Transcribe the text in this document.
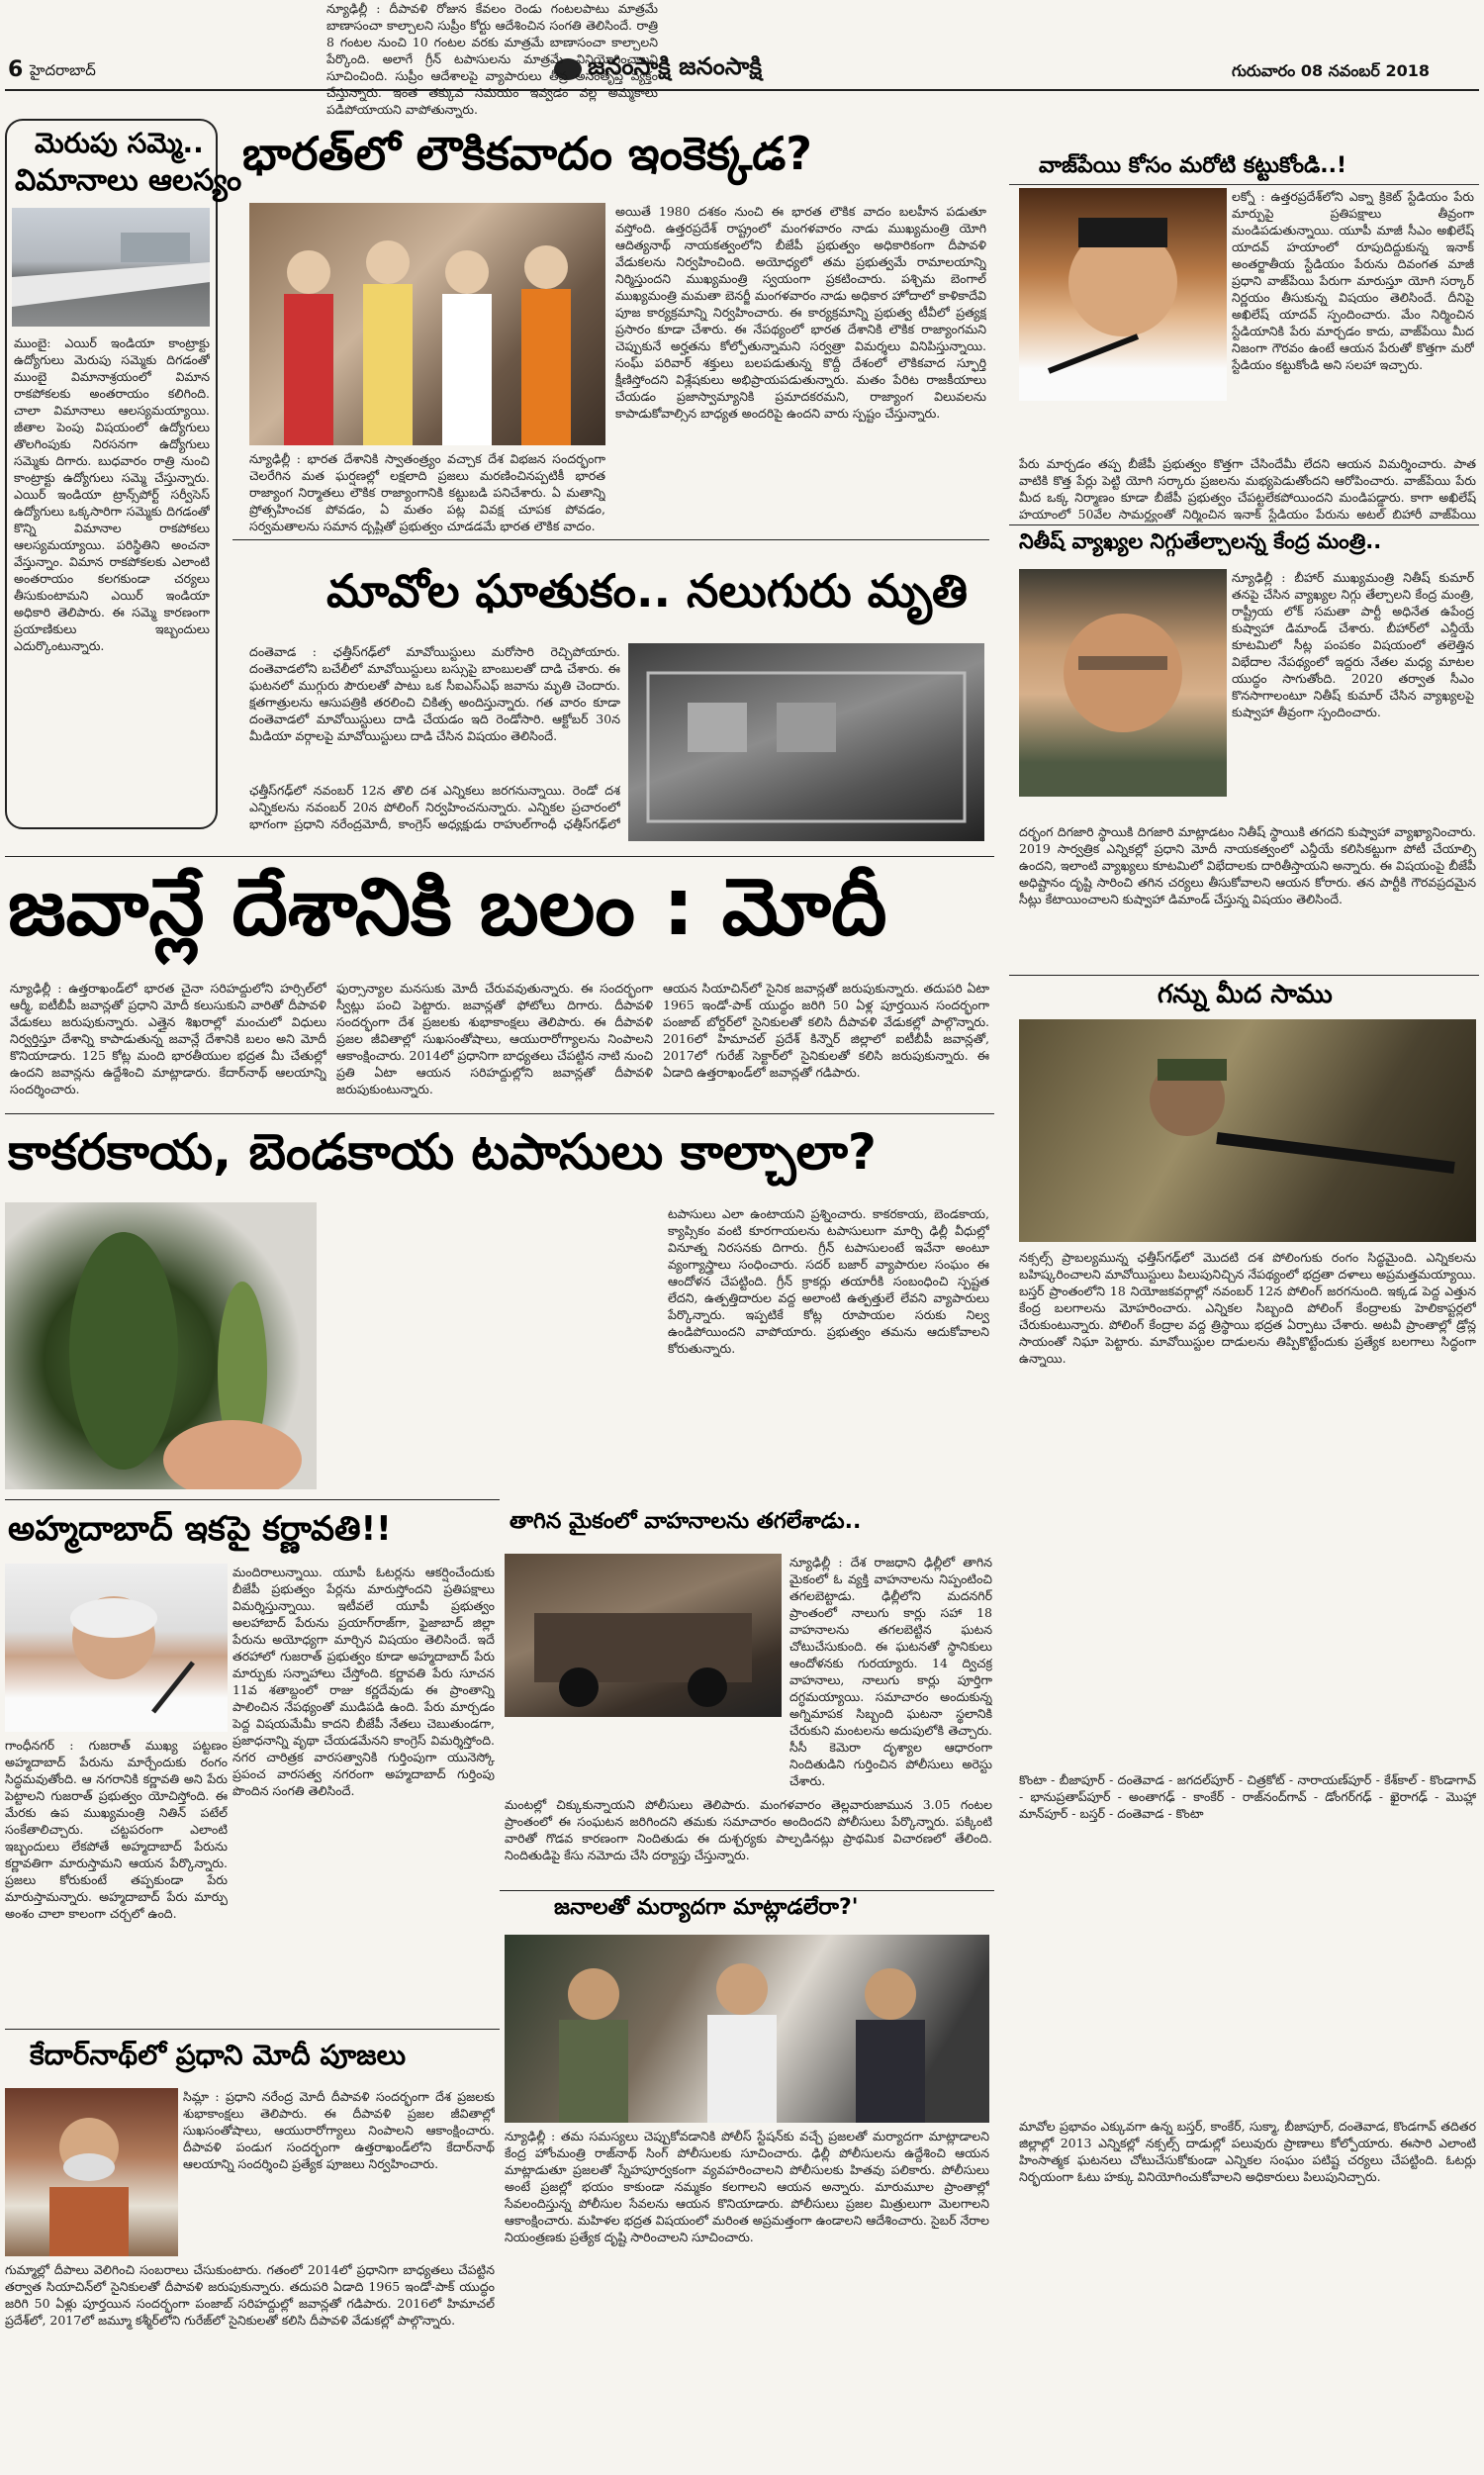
6 హైదరాబాద్	జనంసాక్షి జనంసాక్షి	గురువారం 08 నవంబర్ 2018
మెరుపు సమ్మె..
విమానాలు ఆలస్యం
ముంబై: ఎయిర్ ఇండియా కాంట్రాక్టు ఉద్యోగులు మెరుపు సమ్మెకు దిగడంతో ముంబై విమానాశ్రయంలో విమాన రాకపోకలకు అంతరాయం కలిగింది. చాలా విమానాలు ఆలస్యమయ్యాయి. జీతాల పెంపు విషయంలో ఉద్యోగులు తొలగింపుకు నిరసనగా ఉద్యోగులు సమ్మెకు దిగారు. బుధవారం రాత్రి నుంచి కాంట్రాక్టు ఉద్యోగులు సమ్మె చేస్తున్నారు. ఎయిర్ ఇండియా ట్రాన్స్‌పోర్ట్ సర్వీసెస్ ఉద్యోగులు ఒక్కసారిగా సమ్మెకు దిగడంతో కొన్ని విమానాల రాకపోకలు ఆలస్యమయ్యాయి. పరిస్థితిని అంచనా వేస్తున్నాం. విమాన రాకపోకలకు ఎలాంటి అంతరాయం కలగకుండా చర్యలు తీసుకుంటామని ఎయిర్ ఇండియా అధికారి తెలిపారు. ఈ సమ్మె కారణంగా ప్రయాణికులు ఇబ్బందులు ఎదుర్కొంటున్నారు.
భారత్‌లో లౌకికవాదం ఇంకెక్కడ?
న్యూఢిల్లీ : భారత దేశానికి స్వాతంత్ర్యం వచ్చాక దేశ విభజన సందర్భంగా చెలరేగిన మత ఘర్షణల్లో లక్షలాది ప్రజలు మరణించినప్పటికీ భారత రాజ్యాంగ నిర్మాతలు లౌకిక రాజ్యాంగానికి కట్టుబడి పనిచేశారు. ఏ మతాన్ని ప్రోత్సహించక పోవడం, ఏ మతం పట్ల వివక్ష చూపక పోవడం, సర్వమతాలను సమాన దృష్టితో ప్రభుత్వం చూడడమే భారత లౌకిక వాదం.
అయితే 1980 దశకం నుంచి ఈ భారత లౌకిక వాదం బలహీన పడుతూ వస్తోంది. ఉత్తరప్రదేశ్ రాష్ట్రంలో మంగళవారం నాడు ముఖ్యమంత్రి యోగి ఆదిత్యనాథ్ నాయకత్వంలోని బీజేపీ ప్రభుత్వం అధికారికంగా దీపావళి వేడుకలను నిర్వహించింది. అయోధ్యలో తమ ప్రభుత్వమే రామాలయాన్ని నిర్మిస్తుందని ముఖ్యమంత్రి స్వయంగా ప్రకటించారు. పశ్చిమ బెంగాల్ ముఖ్యమంత్రి మమతా బెనర్జీ మంగళవారం నాడు అధికార హోదాలో కాళికాదేవి పూజ కార్యక్రమాన్ని నిర్వహించారు. ఈ కార్యక్రమాన్ని ప్రభుత్వ టీవీలో ప్రత్యక్ష ప్రసారం కూడా చేశారు. ఈ నేపథ్యంలో భారత దేశానికి లౌకిక రాజ్యాంగమని చెప్పుకునే అర్హతను కోల్పోతున్నామని సర్వత్రా విమర్శలు వినిపిస్తున్నాయి. సంఘ్ పరివార్ శక్తులు బలపడుతున్న కొద్దీ దేశంలో లౌకికవాద స్ఫూర్తి క్షీణిస్తోందని విశ్లేషకులు అభిప్రాయపడుతున్నారు. మతం పేరిట రాజకీయాలు చేయడం ప్రజాస్వామ్యానికి ప్రమాదకరమని, రాజ్యాంగ విలువలను కాపాడుకోవాల్సిన బాధ్యత అందరిపై ఉందని వారు స్పష్టం చేస్తున్నారు.
మావోల ఘాతుకం.. నలుగురు మృతి
దంతెవాడ : ఛత్తీస్‌గఢ్‌లో మావోయిస్టులు మరోసారి రెచ్చిపోయారు. దంతెవాడలోని బచేలీలో మావోయిస్టులు బస్సుపై బాంబులతో దాడి చేశారు. ఈ ఘటనలో ముగ్గురు పౌరులతో పాటు ఒక సీఐఎస్ఎఫ్ జవాను మృతి చెందారు. క్షతగాత్రులను ఆసుపత్రికి తరలించి చికిత్స అందిస్తున్నారు. గత వారం కూడా దంతెవాడలో మావోయిస్టులు దాడి చేయడం ఇది రెండోసారి. ఆక్టోబర్ 30న మీడియా వర్గాలపై మావోయిస్టులు దాడి చేసిన విషయం తెలిసిందే.
ఛత్తీస్‌గఢ్‌లో నవంబర్ 12న తొలి దశ ఎన్నికలు జరగనున్నాయి. రెండో దశ ఎన్నికలను నవంబర్ 20న పోలింగ్ నిర్వహించనున్నారు. ఎన్నికల ప్రచారంలో భాగంగా ప్రధాని నరేంద్రమోదీ, కాంగ్రెస్ అధ్యక్షుడు రాహుల్‌గాంధీ ఛత్తీస్‌గఢ్‌లో
వాజ్‌పేయి కోసం మరోటి కట్టుకోండి..!
లక్నో : ఉత్తరప్రదేశ్‌లోని ఎక్నా క్రికెట్ స్టేడియం పేరు మార్పుపై ప్రతిపక్షాలు తీవ్రంగా మండిపడుతున్నాయి. యూపీ మాజీ సీఎం అఖిలేష్ యాదవ్ హయాంలో రూపుదిద్దుకున్న ఇనాక్ అంతర్జాతీయ స్టేడియం పేరును దివంగత మాజీ ప్రధాని వాజ్‌పేయి పేరుగా మారుస్తూ యోగి సర్కార్ నిర్ణయం తీసుకున్న విషయం తెలిసిందే. దీనిపై అఖిలేష్ యాదవ్ స్పందించారు. మేం నిర్మించిన స్టేడియానికి పేరు మార్చడం కాదు, వాజ్‌పేయి మీద నిజంగా గౌరవం ఉంటే ఆయన పేరుతో కొత్తగా మరో స్టేడియం కట్టుకోండి అని సలహా ఇచ్చారు.
పేరు మార్చడం తప్ప బీజేపీ ప్రభుత్వం కొత్తగా చేసిందేమీ లేదని ఆయన విమర్శించారు. పాత వాటికి కొత్త పేర్లు పెట్టి యోగి సర్కారు ప్రజలను మభ్యపెడుతోందని ఆరోపించారు. వాజ్‌పేయి పేరు మీద ఒక్క నిర్మాణం కూడా బీజేపీ ప్రభుత్వం చేపట్టలేకపోయిందని మండిపడ్డారు. కాగా అఖిలేష్ హయాంలో 50వేల సామర్థ్యంతో నిర్మించిన ఇనాక్ స్టేడియం పేరును అటల్ బిహారీ వాజ్‌పేయి
నితీష్ వ్యాఖ్యల నిగ్గుతేల్చాలన్న కేంద్ర మంత్రి..
న్యూఢిల్లీ : బీహార్ ముఖ్యమంత్రి నితీష్ కుమార్ తనపై చేసిన వ్యాఖ్యల నిగ్గు తేల్చాలని కేంద్ర మంత్రి, రాష్ట్రీయ లోక్ సమతా పార్టీ అధినేత ఉపేంద్ర కుష్వాహా డిమాండ్ చేశారు. బీహార్‌లో ఎన్డీయే కూటమిలో సీట్ల పంపకం విషయంలో తలెత్తిన విభేదాల నేపథ్యంలో ఇద్దరు నేతల మధ్య మాటల యుద్ధం సాగుతోంది. 2020 తర్వాత సీఎం కొనసాగాలంటూ నితీష్ కుమార్ చేసిన వ్యాఖ్యలపై కుష్వాహా తీవ్రంగా స్పందించారు.
దర్భంగ దిగజారి స్థాయికి దిగజారి మాట్లాడటం నితీష్ స్థాయికి తగదని కుష్వాహా వ్యాఖ్యానించారు. 2019 సార్వత్రిక ఎన్నికల్లో ప్రధాని మోదీ నాయకత్వంలో ఎన్డీయే కలిసికట్టుగా పోటీ చేయాల్సి ఉందని, ఇలాంటి వ్యాఖ్యలు కూటమిలో విభేదాలకు దారితీస్తాయని అన్నారు. ఈ విషయంపై బీజేపీ అధిష్టానం దృష్టి సారించి తగిన చర్యలు తీసుకోవాలని ఆయన కోరారు. తన పార్టీకి గౌరవప్రదమైన సీట్లు కేటాయించాలని కుష్వాహా డిమాండ్ చేస్తున్న విషయం తెలిసిందే.
జవాన్లే దేశానికి బలం : మోదీ
న్యూఢిల్లీ : ఉత్తరాఖండ్‌లో భారత చైనా సరిహద్దులోని హర్సిల్‌లో ఆర్మీ, ఐటీబీపీ జవాన్లతో ప్రధాని మోదీ కలుసుకుని వారితో దీపావళి వేడుకలు జరుపుకున్నారు. ఎత్తైన శిఖరాల్లో మంచులో విధులు నిర్వర్తిస్తూ దేశాన్ని కాపాడుతున్న జవాన్లే దేశానికి బలం అని మోదీ కొనియాడారు. 125 కోట్ల మంది భారతీయుల భద్రత మీ చేతుల్లో ఉందని జవాన్లను ఉద్దేశించి మాట్లాడారు. కేదార్‌నాథ్ ఆలయాన్ని సందర్శించారు.
ఫుర్సాన్యాల మనసుకు మోదీ చేరువవుతున్నారు. ఈ సందర్భంగా స్వీట్లు పంచి పెట్టారు. జవాన్లతో ఫోటోలు దిగారు. దీపావళి సందర్భంగా దేశ ప్రజలకు శుభాకాంక్షలు తెలిపారు. ఈ దీపావళి ప్రజల జీవితాల్లో సుఖసంతోషాలు, ఆయురారోగ్యాలను నింపాలని ఆకాంక్షించారు. 2014లో ప్రధానిగా బాధ్యతలు చేపట్టిన నాటి నుంచి ప్రతి ఏటా ఆయన సరిహద్దుల్లోని జవాన్లతో దీపావళి జరుపుకుంటున్నారు.
ఆయన సియాచిన్‌లో సైనిక జవాన్లతో జరుపుకున్నారు. తదుపరి ఏటా 1965 ఇండో-పాక్ యుద్ధం జరిగి 50 ఏళ్ల పూర్తయిన సందర్భంగా పంజాబ్ బోర్డర్‌లో సైనికులతో కలిసి దీపావళి వేడుకల్లో పాల్గొన్నారు. 2016లో హిమాచల్ ప్రదేశ్ కిన్నౌర్ జిల్లాలో ఐటీబీపీ జవాన్లతో, 2017లో గురేజ్ సెక్టార్‌లో సైనికులతో కలిసి జరుపుకున్నారు. ఈ ఏడాది ఉత్తరాఖండ్‌లో జవాన్లతో గడిపారు.
కాకరకాయ, బెండకాయ టపాసులు కాల్చాలా?
న్యూఢిల్లీ : దీపావళి రోజున కేవలం రెండు గంటలపాటు మాత్రమే బాణాసంచా కాల్చాలని సుప్రీం కోర్టు ఆదేశించిన సంగతి తెలిసిందే. రాత్రి 8 గంటల నుంచి 10 గంటల వరకు మాత్రమే బాణాసంచా కాల్చాలని పేర్కొంది. అలాగే గ్రీన్ టపాసులను మాత్రమే వినియోగించాలని సూచించింది. సుప్రీం ఆదేశాలపై వ్యాపారులు తీవ్ర అసంతృప్తి వ్యక్తం చేస్తున్నారు. ఇంత తక్కువ సమయం ఇవ్వడం వల్ల అమ్మకాలు పడిపోయాయని వాపోతున్నారు.
టపాసులు ఎలా ఉంటాయని ప్రశ్నించారు. కాకరకాయ, బెండకాయ, క్యాప్సికం వంటి కూరగాయలను టపాసులుగా మార్చి ఢిల్లీ వీధుల్లో వినూత్న నిరసనకు దిగారు. గ్రీన్ టపాసులంటే ఇవేనా అంటూ వ్యంగ్యాస్త్రాలు సంధించారు. సదర్ బజార్ వ్యాపారుల సంఘం ఈ ఆందోళన చేపట్టింది. గ్రీన్ క్రాకర్లు తయారీకి సంబంధించి స్పష్టత లేదని, ఉత్పత్తిదారుల వద్ద అలాంటి ఉత్పత్తులే లేవని వ్యాపారులు పేర్కొన్నారు. ఇప్పటికే కోట్ల రూపాయల సరుకు నిల్వ ఉండిపోయిందని వాపోయారు. ప్రభుత్వం తమను ఆదుకోవాలని కోరుతున్నారు.
గన్ను మీద సాము
నక్సల్స్ ప్రాబల్యమున్న ఛత్తీస్‌గఢ్‌లో మొదటి దశ పోలింగుకు రంగం సిద్ధమైంది. ఎన్నికలను బహిష్కరించాలని మావోయిస్టులు పిలుపునిచ్చిన నేపథ్యంలో భద్రతా దళాలు అప్రమత్తమయ్యాయి. బస్తర్ ప్రాంతంలోని 18 నియోజకవర్గాల్లో నవంబర్ 12న పోలింగ్ జరగనుంది. ఇక్కడ పెద్ద ఎత్తున కేంద్ర బలగాలను మోహరించారు. ఎన్నికల సిబ్బంది పోలింగ్ కేంద్రాలకు హెలికాప్టర్లలో చేరుకుంటున్నారు. పోలింగ్ కేంద్రాల వద్ద త్రిస్థాయి భద్రత ఏర్పాటు చేశారు. అటవీ ప్రాంతాల్లో డ్రోన్ల సాయంతో నిఘా పెట్టారు. మావోయిస్టుల దాడులను తిప్పికొట్టేందుకు ప్రత్యేక బలగాలు సిద్ధంగా ఉన్నాయి.
కొంటా - బీజాపూర్ - దంతెవాడ - జగదల్‌పూర్ - చిత్రకోట్ - నారాయణ్‌పూర్ - కేశ్‌కాల్ - కొండాగావ్ - భానుప్రతాప్‌పూర్ - అంతాగఢ్ - కాంకేర్ - రాజ్‌నంద్‌గావ్ - డోంగర్‌గఢ్ - ఖైరాగఢ్ - మొహ్లా మాన్‌పూర్ - బస్తర్ - దంతెవాడ - కొంటా
మావోల ప్రభావం ఎక్కువగా ఉన్న బస్తర్, కాంకేర్, సుక్మా, బీజాపూర్, దంతెవాడ, కొండగావ్ తదితర జిల్లాల్లో 2013 ఎన్నికల్లో నక్సల్స్ దాడుల్లో పలువురు ప్రాణాలు కోల్పోయారు. ఈసారి ఎలాంటి హింసాత్మక ఘటనలు చోటుచేసుకోకుండా ఎన్నికల సంఘం పటిష్ట చర్యలు చేపట్టింది. ఓటర్లు నిర్భయంగా ఓటు హక్కు వినియోగించుకోవాలని అధికారులు పిలుపునిచ్చారు.
అహ్మదాబాద్ ఇకపై కర్ణావతి!!
గాంధీనగర్ : గుజరాత్ ముఖ్య పట్టణం అహ్మదాబాద్ పేరును మార్చేందుకు రంగం సిద్ధమవుతోంది. ఆ నగరానికి కర్ణావతి అని పేరు పెట్టాలని గుజరాత్ ప్రభుత్వం యోచిస్తోంది. ఈ మేరకు ఉప ముఖ్యమంత్రి నితిన్ పటేల్ సంకేతాలిచ్చారు. చట్టపరంగా ఎలాంటి ఇబ్బందులు లేకపోతే అహ్మదాబాద్ పేరును కర్ణావతిగా మారుస్తామని ఆయన పేర్కొన్నారు. ప్రజలు కోరుకుంటే తప్పకుండా పేరు మారుస్తామన్నారు. అహ్మదాబాద్ పేరు మార్పు అంశం చాలా కాలంగా చర్చలో ఉంది.
మందిరాలున్నాయి. యూపీ ఓటర్లను ఆకర్షించేందుకు బీజేపీ ప్రభుత్వం పేర్లను మారుస్తోందని ప్రతిపక్షాలు విమర్శిస్తున్నాయి. ఇటీవలే యూపీ ప్రభుత్వం అలహాబాద్ పేరును ప్రయాగ్‌రాజ్‌గా, ఫైజాబాద్ జిల్లా పేరును అయోధ్యగా మార్చిన విషయం తెలిసిందే. ఇదే తరహాలో గుజరాత్ ప్రభుత్వం కూడా అహ్మదాబాద్ పేరు మార్పుకు సన్నాహాలు చేస్తోంది. కర్ణావతి పేరు సూచన 11వ శతాబ్దంలో రాజు కర్ణదేవుడు ఈ ప్రాంతాన్ని పాలించిన నేపథ్యంతో ముడిపడి ఉంది. పేరు మార్చడం పెద్ద విషయమేమీ కాదని బీజేపీ నేతలు చెబుతుండగా, ప్రజాధనాన్ని వృథా చేయడమేనని కాంగ్రెస్ విమర్శిస్తోంది. నగర చారిత్రక వారసత్వానికి గుర్తింపుగా యునెస్కో ప్రపంచ వారసత్వ నగరంగా అహ్మదాబాద్ గుర్తింపు పొందిన సంగతి తెలిసిందే.
తాగిన మైకంలో వాహనాలను తగలేశాడు..
న్యూఢిల్లీ : దేశ రాజధాని ఢిల్లీలో తాగిన మైకంలో ఓ వ్యక్తి వాహనాలను నిప్పంటించి తగలబెట్టాడు. ఢిల్లీలోని మదనగిర్ ప్రాంతంలో నాలుగు కార్లు సహా 18 వాహనాలను తగలబెట్టిన ఘటన చోటుచేసుకుంది. ఈ ఘటనతో స్థానికులు ఆందోళనకు గురయ్యారు. 14 ద్విచక్ర వాహనాలు, నాలుగు కార్లు పూర్తిగా దగ్ధమయ్యాయి. సమాచారం అందుకున్న అగ్నిమాపక సిబ్బంది ఘటనా స్థలానికి చేరుకుని మంటలను అదుపులోకి తెచ్చారు. సీసీ కెమెరా దృశ్యాల ఆధారంగా నిందితుడిని గుర్తించిన పోలీసులు అరెస్టు చేశారు.
మంటల్లో చిక్కుకున్నాయని పోలీసులు తెలిపారు. మంగళవారం తెల్లవారుజామున 3.05 గంటల ప్రాంతంలో ఈ సంఘటన జరిగిందని తమకు సమాచారం అందిందని పోలీసులు పేర్కొన్నారు. పక్కింటి వారితో గొడవ కారణంగా నిందితుడు ఈ దుశ్చర్యకు పాల్పడినట్లు ప్రాథమిక విచారణలో తేలింది. నిందితుడిపై కేసు నమోదు చేసి దర్యాప్తు చేస్తున్నారు.
జనాలతో మర్యాదగా మాట్లాడలేరా?'
న్యూఢిల్లీ : తమ సమస్యలు చెప్పుకోవడానికి పోలీస్ స్టేషన్‌కు వచ్చే ప్రజలతో మర్యాదగా మాట్లాడాలని కేంద్ర హోంమంత్రి రాజ్‌నాథ్ సింగ్ పోలీసులకు సూచించారు. ఢిల్లీ పోలీసులను ఉద్దేశించి ఆయన మాట్లాడుతూ ప్రజలతో స్నేహపూర్వకంగా వ్యవహరించాలని పోలీసులకు హితవు పలికారు. పోలీసులు అంటే ప్రజల్లో భయం కాకుండా నమ్మకం కలగాలని ఆయన అన్నారు. మారుమూల ప్రాంతాల్లో సేవలందిస్తున్న పోలీసుల సేవలను ఆయన కొనియాడారు. పోలీసులు ప్రజల మిత్రులుగా మెలగాలని ఆకాంక్షించారు. మహిళల భద్రత విషయంలో మరింత అప్రమత్తంగా ఉండాలని ఆదేశించారు. సైబర్ నేరాల నియంత్రణకు ప్రత్యేక దృష్టి సారించాలని సూచించారు.
కేదార్‌నాథ్‌లో ప్రధాని మోదీ పూజలు
సిమ్లా : ప్రధాని నరేంద్ర మోదీ దీపావళి సందర్భంగా దేశ ప్రజలకు శుభాకాంక్షలు తెలిపారు. ఈ దీపావళి ప్రజల జీవితాల్లో సుఖసంతోషాలు, ఆయురారోగ్యాలు నింపాలని ఆకాంక్షించారు. దీపావళి పండుగ సందర్భంగా ఉత్తరాఖండ్‌లోని కేదార్‌నాథ్ ఆలయాన్ని సందర్శించి ప్రత్యేక పూజలు నిర్వహించారు.
గుమ్మాల్లో దీపాలు వెలిగించి సంబరాలు చేసుకుంటారు. గతంలో 2014లో ప్రధానిగా బాధ్యతలు చేపట్టిన తర్వాత సియాచిన్‌లో సైనికులతో దీపావళి జరుపుకున్నారు. తదుపరి ఏడాది 1965 ఇండో-పాక్ యుద్ధం జరిగి 50 ఏళ్లు పూర్తయిన సందర్భంగా పంజాబ్ సరిహద్దుల్లో జవాన్లతో గడిపారు. 2016లో హిమాచల్ ప్రదేశ్‌లో, 2017లో జమ్మూ కశ్మీర్‌లోని గురేజ్‌లో సైనికులతో కలిసి దీపావళి వేడుకల్లో పాల్గొన్నారు.
